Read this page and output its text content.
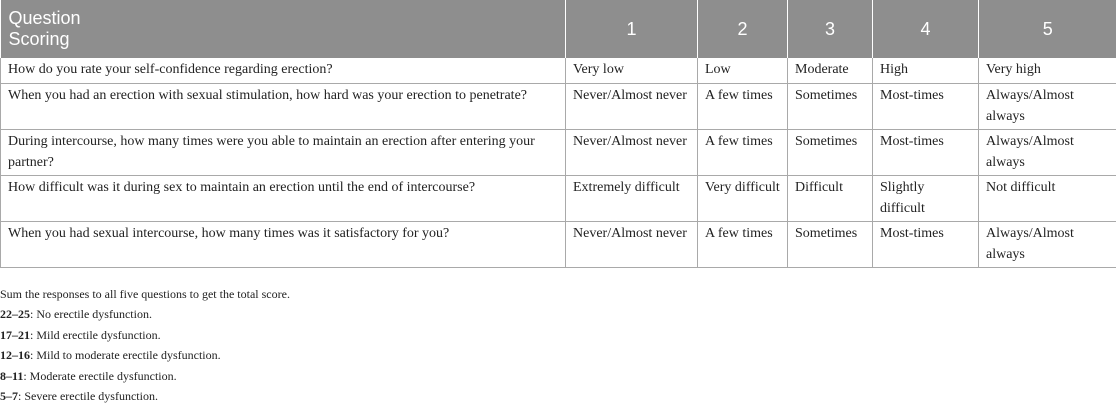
Question
Scoring	1	2	3	4	5
How do you rate your self-confidence regarding erection?	Very low	Low	Moderate	High	Very high
When you had an erection with sexual stimulation, how hard was your erection to penetrate?	Never/Almost never	A few times	Sometimes	Most-times	Always/Almost always
During intercourse, how many times were you able to maintain an erection after entering your partner?	Never/Almost never	A few times	Sometimes	Most-times	Always/Almost always
How difficult was it during sex to maintain an erection until the end of intercourse?	Extremely difficult	Very difficult	Difficult	Slightly difficult	Not difficult
When you had sexual intercourse, how many times was it satisfactory for you?	Never/Almost never	A few times	Sometimes	Most-times	Always/Almost always

Sum the responses to all five questions to get the total score.

22–25: No erectile dysfunction.

17–21: Mild erectile dysfunction.

12–16: Mild to moderate erectile dysfunction.

8–11: Moderate erectile dysfunction.

5–7: Severe erectile dysfunction.
